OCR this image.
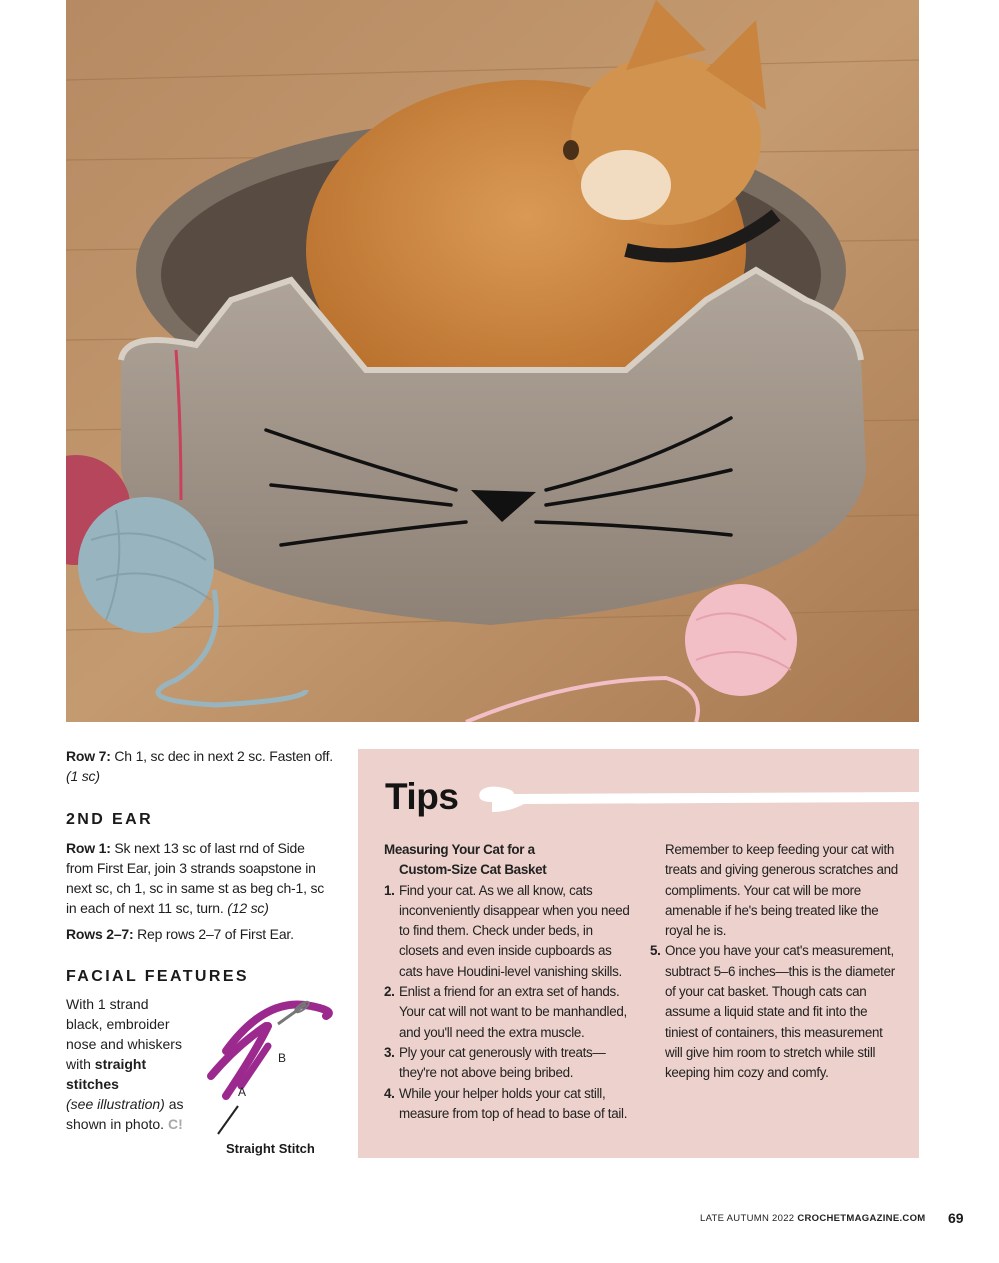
Row 7: Ch 1, sc dec in next 2 sc. Fasten off. (1 sc)

2ND EAR

Row 1: Sk next 13 sc of last rnd of Side from First Ear, join 3 strands soapstone in next sc, ch 1, sc in same st as beg ch-1, sc in each of next 11 sc, turn. (12 sc)

Rows 2–7: Rep rows 2–7 of First Ear.

FACIAL FEATURES
With 1 strand black, embroider nose and whiskers with straight stitches
(see illustration) as shown in photo. C!
B
A
Straight Stitch
Tips

Measuring Your Cat for a
Custom-Size Cat Basket

1. Find your cat. As we all know, cats inconveniently disappear when you need to find them. Check under beds, in closets and even inside cupboards as cats have Houdini-level vanishing skills.

2. Enlist a friend for an extra set of hands. Your cat will not want to be manhandled, and you'll need the extra muscle.

3. Ply your cat generously with treats—they're not above being bribed.

4. While your helper holds your cat still, measure from top of head to base of tail.

Remember to keep feeding your cat with treats and giving generous scratches and compliments. Your cat will be more amenable if he's being treated like the royal he is.

5. Once you have your cat's measurement, subtract 5–6 inches—this is the diameter of your cat basket. Though cats can assume a liquid state and fit into the tiniest of containers, this measurement will give him room to stretch while still keeping him cozy and comfy.

LATE AUTUMN 2022 CROCHETMAGAZINE.COM 69
